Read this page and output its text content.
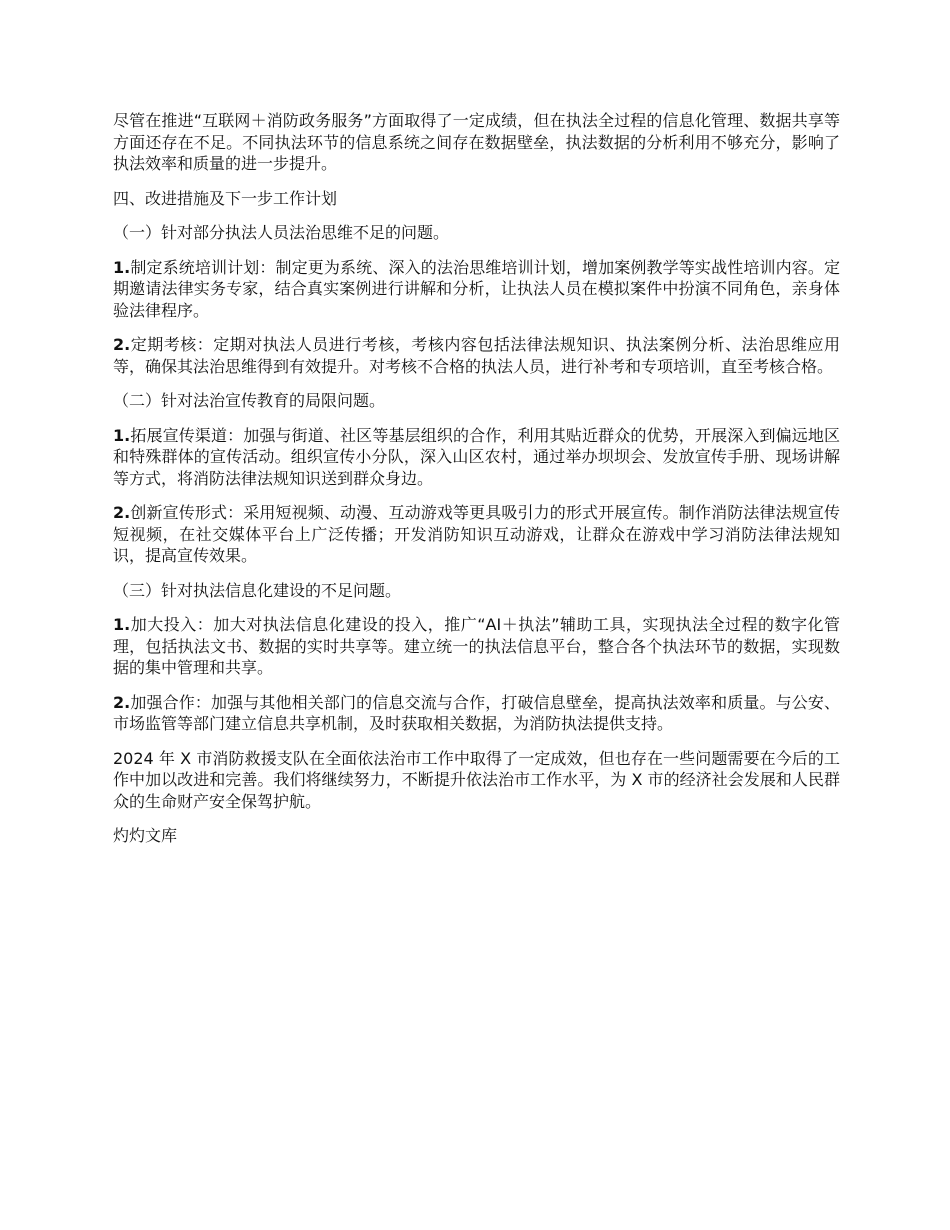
尽管在推进“互联网＋消防政务服务”方面取得了一定成绩，但在执法全过程的信息化管理、数据共享等方面还存在不足。不同执法环节的信息系统之间存在数据壁垒，执法数据的分析利用不够充分，影响了执法效率和质量的进一步提升。

四、改进措施及下一步工作计划

（一）针对部分执法人员法治思维不足的问题。

1.制定系统培训计划：制定更为系统、深入的法治思维培训计划，增加案例教学等实战性培训内容。定期邀请法律实务专家，结合真实案例进行讲解和分析，让执法人员在模拟案件中扮演不同角色，亲身体验法律程序。

2.定期考核：定期对执法人员进行考核，考核内容包括法律法规知识、执法案例分析、法治思维应用等，确保其法治思维得到有效提升。对考核不合格的执法人员，进行补考和专项培训，直至考核合格。

（二）针对法治宣传教育的局限问题。

1.拓展宣传渠道：加强与街道、社区等基层组织的合作，利用其贴近群众的优势，开展深入到偏远地区和特殊群体的宣传活动。组织宣传小分队，深入山区农村，通过举办坝坝会、发放宣传手册、现场讲解等方式，将消防法律法规知识送到群众身边。

2.创新宣传形式：采用短视频、动漫、互动游戏等更具吸引力的形式开展宣传。制作消防法律法规宣传短视频，在社交媒体平台上广泛传播；开发消防知识互动游戏，让群众在游戏中学习消防法律法规知识，提高宣传效果。

（三）针对执法信息化建设的不足问题。

1.加大投入：加大对执法信息化建设的投入，推广“AI＋执法”辅助工具，实现执法全过程的数字化管理，包括执法文书、数据的实时共享等。建立统一的执法信息平台，整合各个执法环节的数据，实现数据的集中管理和共享。

2.加强合作：加强与其他相关部门的信息交流与合作，打破信息壁垒，提高执法效率和质量。与公安、市场监管等部门建立信息共享机制，及时获取相关数据，为消防执法提供支持。

2024 年 X 市消防救援支队在全面依法治市工作中取得了一定成效，但也存在一些问题需要在今后的工作中加以改进和完善。我们将继续努力，不断提升依法治市工作水平，为 X 市的经济社会发展和人民群众的生命财产安全保驾护航。

灼灼文库
